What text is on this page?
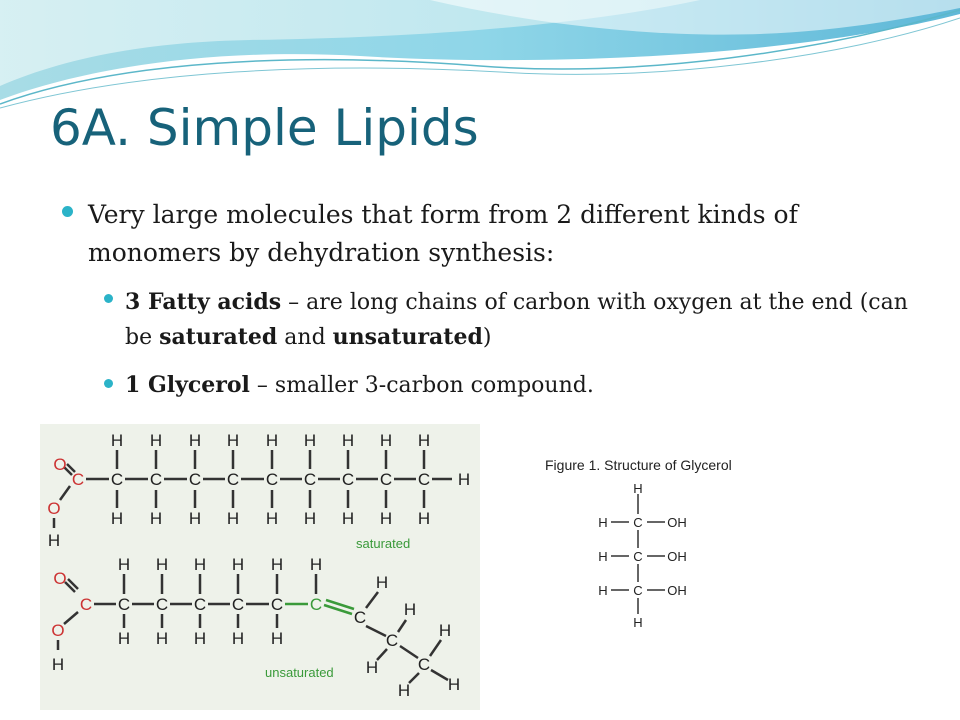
6A. Simple Lipids
Very large molecules that form from 2 different kinds of monomers by dehydration synthesis:
3 Fatty acids – are long chains of carbon with oxygen at the end (can be saturated and unsaturated)
1 Glycerol – smaller 3-carbon compound.
O
C
O
H
C
H
H
C
H
H
C
H
H
C
H
H
C
H
H
C
H
H
C
H
H
C
H
H
C
H
H
H
O
C
O
H
C
H
H
C
H
H
C
H
H
C
H
H
C
H
H
C
H
C
H
C
H
H C
H
H
H
saturated
unsaturated
Figure 1. Structure of Glycerol
H
H C OH
H C OH
H C OH
H
